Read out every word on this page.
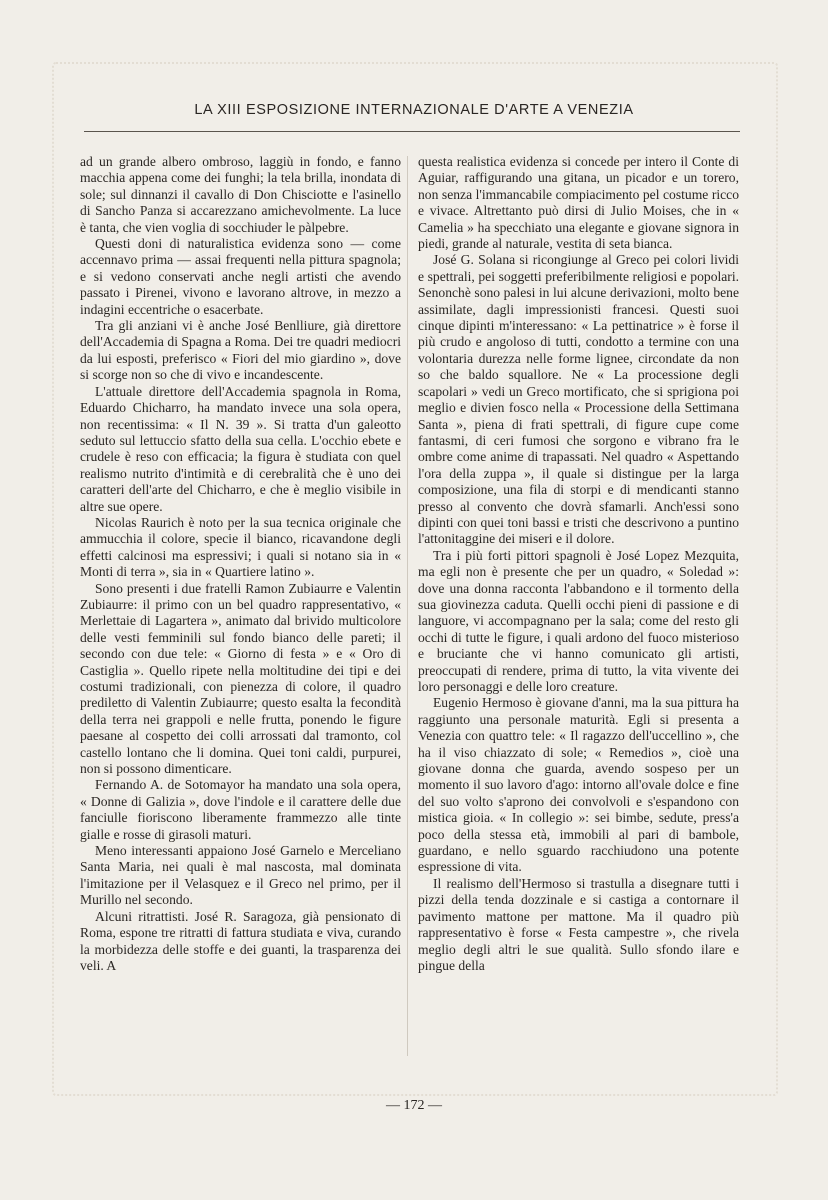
LA XIII ESPOSIZIONE INTERNAZIONALE D'ARTE A VENEZIA

ad un grande albero ombroso, laggiù in fondo, e fanno macchia appena come dei funghi; la tela brilla, inondata di sole; sul dinnanzi il cavallo di Don Chisciotte e l'asinello di Sancho Panza si accarezzano amichevolmente. La luce è tanta, che vien voglia di socchiuder le pàlpebre.

Questi doni di naturalistica evidenza sono — come accennavo prima — assai frequenti nella pittura spagnola; e si vedono conservati anche negli artisti che avendo passato i Pirenei, vivono e lavorano altrove, in mezzo a indagini eccentriche o esacerbate.

Tra gli anziani vi è anche José Benlliure, già direttore dell'Accademia di Spagna a Roma. Dei tre quadri mediocri da lui esposti, preferisco « Fiori del mio giardino », dove si scorge non so che di vivo e incandescente.

L'attuale direttore dell'Accademia spagnola in Roma, Eduardo Chicharro, ha mandato invece una sola opera, non recentissima: « Il N. 39 ». Si tratta d'un galeotto seduto sul lettuccio sfatto della sua cella. L'occhio ebete e crudele è reso con efficacia; la figura è studiata con quel realismo nutrito d'intimità e di cerebralità che è uno dei caratteri dell'arte del Chicharro, e che è meglio visibile in altre sue opere.

Nicolas Raurich è noto per la sua tecnica originale che ammucchia il colore, specie il bianco, ricavandone degli effetti calcinosi ma espressivi; i quali si notano sia in « Monti di terra », sia in « Quartiere latino ».

Sono presenti i due fratelli Ramon Zubiaurre e Valentin Zubiaurre: il primo con un bel quadro rappresentativo, « Merlettaie di Lagartera », animato dal brivido multicolore delle vesti femminili sul fondo bianco delle pareti; il secondo con due tele: « Giorno di festa » e « Oro di Castiglia ». Quello ripete nella moltitudine dei tipi e dei costumi tradizionali, con pienezza di colore, il quadro prediletto di Valentin Zubiaurre; questo esalta la fecondità della terra nei grappoli e nelle frutta, ponendo le figure paesane al cospetto dei colli arrossati dal tramonto, col castello lontano che li domina. Quei toni caldi, purpurei, non si possono dimenticare.

Fernando A. de Sotomayor ha mandato una sola opera, « Donne di Galizia », dove l'indole e il carattere delle due fanciulle fioriscono liberamente frammezzo alle tinte gialle e rosse di girasoli maturi.

Meno interessanti appaiono José Garnelo e Merceliano Santa Maria, nei quali è mal nascosta, mal dominata l'imitazione per il Velasquez e il Greco nel primo, per il Murillo nel secondo.

Alcuni ritrattisti. José R. Saragoza, già pensionato di Roma, espone tre ritratti di fattura studiata e viva, curando la morbidezza delle stoffe e dei guanti, la trasparenza dei veli. A

questa realistica evidenza si concede per intero il Conte di Aguiar, raffigurando una gitana, un picador e un torero, non senza l'immancabile compiacimento pel costume ricco e vivace. Altrettanto può dirsi di Julio Moises, che in « Camelia » ha specchiato una elegante e giovane signora in piedi, grande al naturale, vestita di seta bianca.

José G. Solana si ricongiunge al Greco pei colori lividi e spettrali, pei soggetti preferibilmente religiosi e popolari. Senonchè sono palesi in lui alcune derivazioni, molto bene assimilate, dagli impressionisti francesi. Questi suoi cinque dipinti m'interessano: « La pettinatrice » è forse il più crudo e angoloso di tutti, condotto a termine con una volontaria durezza nelle forme lignee, circondate da non so che baldo squallore. Ne « La processione degli scapolari » vedi un Greco mortificato, che si sprigiona poi meglio e divien fosco nella « Processione della Settimana Santa », piena di frati spettrali, di figure cupe come fantasmi, di ceri fumosi che sorgono e vibrano fra le ombre come anime di trapassati. Nel quadro « Aspettando l'ora della zuppa », il quale si distingue per la larga composizione, una fila di storpi e di mendicanti stanno presso al convento che dovrà sfamarli. Anch'essi sono dipinti con quei toni bassi e tristi che descrivono a puntino l'attonitaggine dei miseri e il dolore.

Tra i più forti pittori spagnoli è José Lopez Mezquita, ma egli non è presente che per un quadro, « Soledad »: dove una donna racconta l'abbandono e il tormento della sua giovinezza caduta. Quelli occhi pieni di passione e di languore, vi accompagnano per la sala; come del resto gli occhi di tutte le figure, i quali ardono del fuoco misterioso e bruciante che vi hanno comunicato gli artisti, preoccupati di rendere, prima di tutto, la vita vivente dei loro personaggi e delle loro creature.

Eugenio Hermoso è giovane d'anni, ma la sua pittura ha raggiunto una personale maturità. Egli si presenta a Venezia con quattro tele: « Il ragazzo dell'uccellino », che ha il viso chiazzato di sole; « Remedios », cioè una giovane donna che guarda, avendo sospeso per un momento il suo lavoro d'ago: intorno all'ovale dolce e fine del suo volto s'aprono dei convolvoli e s'espandono con mistica gioia. « In collegio »: sei bimbe, sedute, press'a poco della stessa età, immobili al pari di bambole, guardano, e nello sguardo racchiudono una potente espressione di vita.

Il realismo dell'Hermoso si trastulla a disegnare tutti i pizzi della tenda dozzinale e si castiga a contornare il pavimento mattone per mattone. Ma il quadro più rappresentativo è forse « Festa campestre », che rivela meglio degli altri le sue qualità. Sullo sfondo ilare e pingue della

— 172 —
